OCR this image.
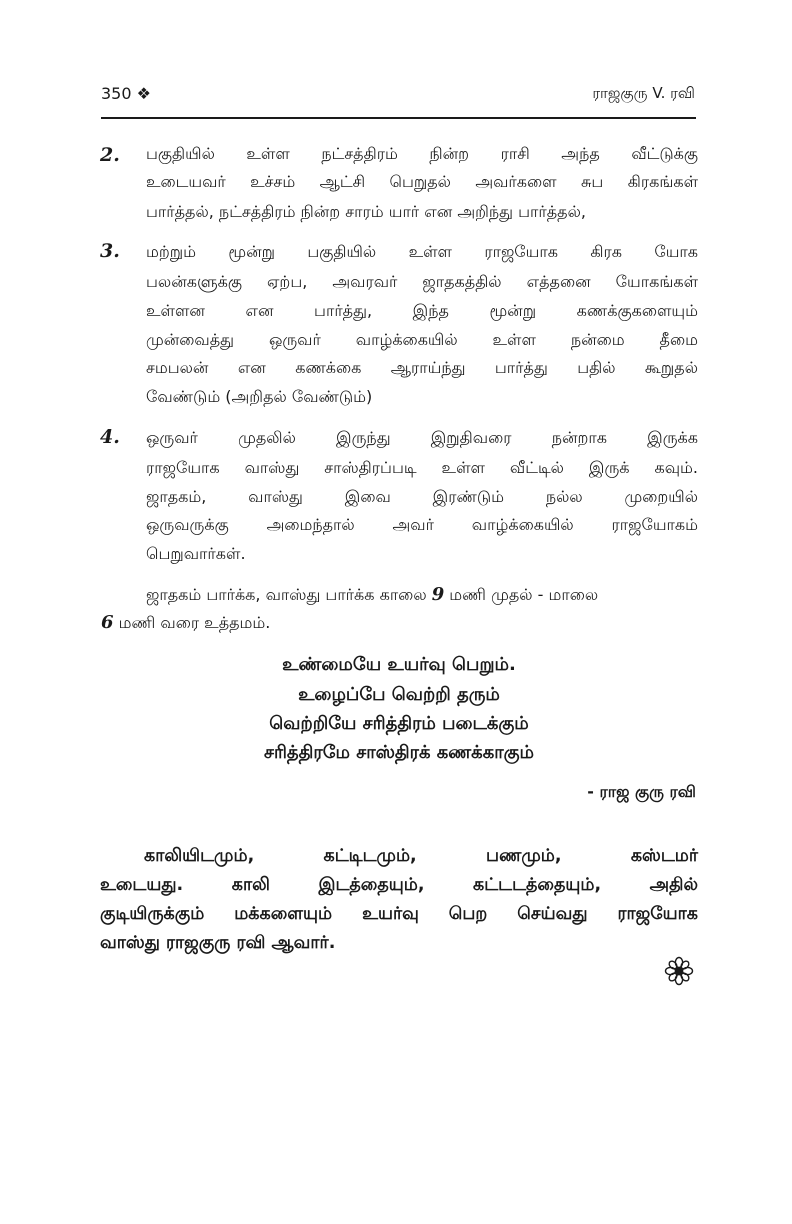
350 ❖	ராஜகுரு V. ரவி
2. பகுதியில் உள்ள நட்சத்திரம் நின்ற ராசி அந்த வீட்டுக்கு
உடையவர் உச்சம் ஆட்சி பெறுதல் அவர்களை சுப கிரகங்கள்
பார்த்தல், நட்சத்திரம் நின்ற சாரம் யார் என அறிந்து பார்த்தல்,
3. மற்றும் மூன்று பகுதியில் உள்ள ராஜயோக கிரக யோக
பலன்களுக்கு ஏற்ப, அவரவர் ஜாதகத்தில் எத்தனை யோகங்கள்
உள்ளன என பார்த்து, இந்த மூன்று கணக்குகளையும்
முன்வைத்து ஒருவர் வாழ்க்கையில் உள்ள நன்மை தீமை
சமபலன் என கணக்கை ஆராய்ந்து பார்த்து பதில் கூறுதல்
வேண்டும் (அறிதல் வேண்டும்)
4. ஒருவர் முதலில் இருந்து இறுதிவரை நன்றாக இருக்க
ராஜயோக வாஸ்து சாஸ்திரப்படி உள்ள வீட்டில் இருக் கவும்.
ஜாதகம், வாஸ்து இவை இரண்டும் நல்ல முறையில்
ஒருவருக்கு அமைந்தால் அவர் வாழ்க்கையில் ராஜயோகம்
பெறுவார்கள்.
ஜாதகம் பார்க்க, வாஸ்து பார்க்க காலை 9 மணி முதல் - மாலை
6 மணி வரை உத்தமம்.
உண்மையே உயர்வு பெறும்.
உழைப்பே வெற்றி தரும்
வெற்றியே சரித்திரம் படைக்கும்
சரித்திரமே சாஸ்திரக் கணக்காகும்
- ராஜ குரு ரவி
காலியிடமும், கட்டிடமும், பணமும், கஸ்டமர்
உடையது. காலி இடத்தையும், கட்டடத்தையும், அதில்
குடியிருக்கும் மக்களையும் உயர்வு பெற செய்வது ராஜயோக
வாஸ்து ராஜகுரு ரவி ஆவார்.
